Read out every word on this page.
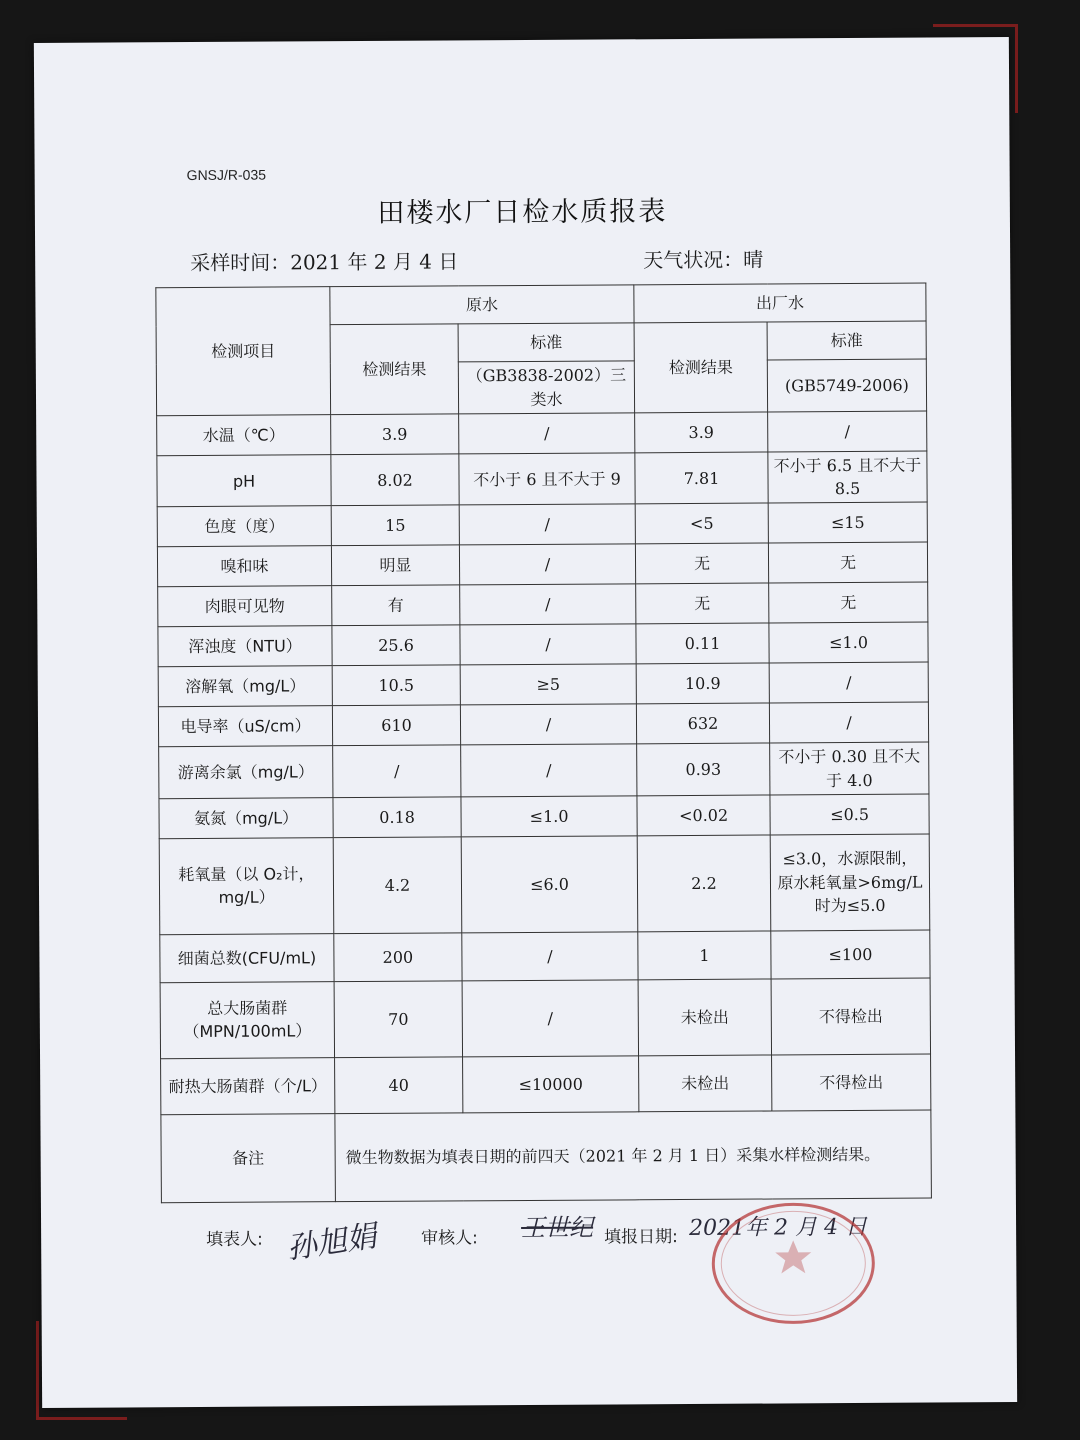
GNSJ/R-035
田楼水厂日检水质报表
采样时间：2021 年 2 月 4 日	天气状况：晴
检测项目	原水		出厂水	
	检测结果	标准	检测结果	标准
		（GB3838-2002）三类水		(GB5749-2006)
水温（℃）	3.9	/	3.9	/
pH	8.02	不小于 6 且不大于 9	7.81	不小于 6.5 且不大于 8.5
色度（度）	15	/	<5	≤15
嗅和味	明显	/	无	无
肉眼可见物	有	/	无	无
浑浊度（NTU）	25.6	/	0.11	≤1.0
溶解氧（mg/L）	10.5	≥5	10.9	/
电导率（uS/cm）	610	/	632	/
游离余氯（mg/L）	/	/	0.93	不小于 0.30 且不大于 4.0
氨氮（mg/L）	0.18	≤1.0	<0.02	≤0.5
耗氧量（以 O₂计，mg/L）	4.2	≤6.0	2.2	≤3.0，水源限制，原水耗氧量>6mg/L 时为≤5.0
细菌总数(CFU/mL)	200	/	1	≤100
总大肠菌群（MPN/100mL）	70	/	未检出	不得检出
耐热大肠菌群（个/L）	40	≤10000	未检出	不得检出
备注	微生物数据为填表日期的前四天（2021 年 2 月 1 日）采集水样检测结果。			
填表人: 孙旭娟 审核人: 王世纪 填报日期: 2021年 2 月 4 日
